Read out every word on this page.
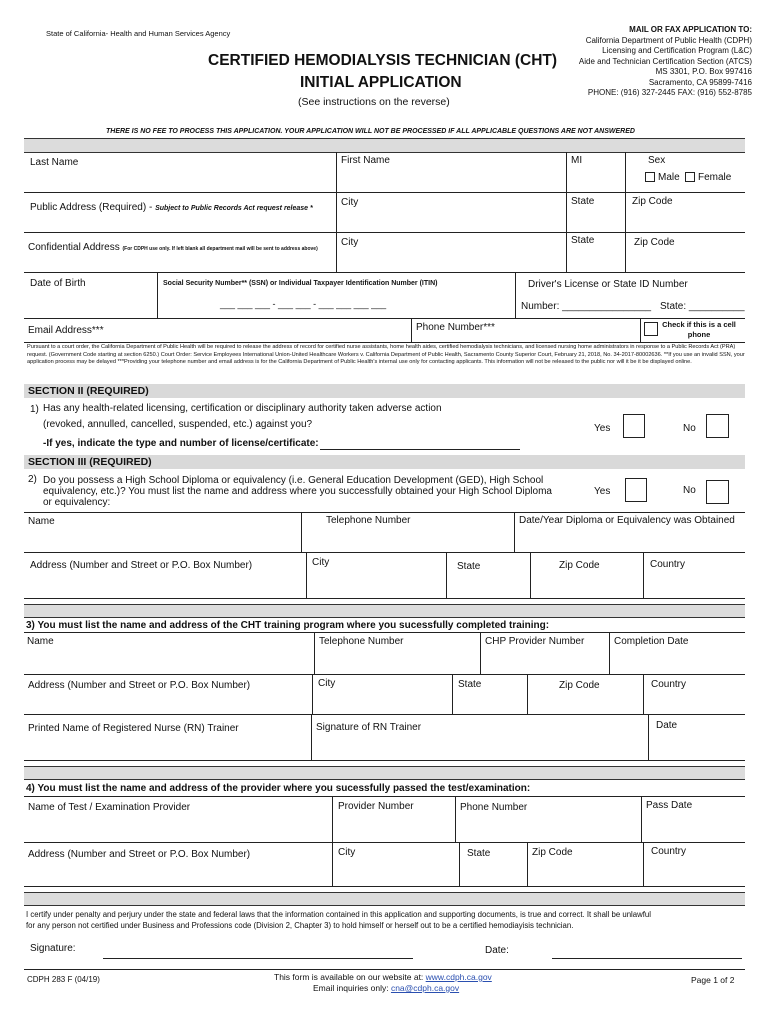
State of California- Health and Human Services Agency
CERTIFIED HEMODIALYSIS TECHNICIAN (CHT)
INITIAL APPLICATION
(See instructions on the reverse)
MAIL OR FAX APPLICATION TO:
California Department of Public Health (CDPH)
Licensing and Certification Program (L&C)
Aide and Technician Certification Section (ATCS)
MS 3301, P.O. Box 997416
Sacramento, CA 95899-7416
PHONE: (916) 327-2445 FAX: (916) 552-8785
THERE IS NO FEE TO PROCESS THIS APPLICATION. YOUR APPLICATION WILL NOT BE PROCESSED IF ALL APPLICABLE QUESTIONS ARE NOT ANSWERED
Last Name	First Name	MI	Sex
Male Female
Public Address (Required) - Subject to Public Records Act request release *
City	State	Zip Code
Confidential Address (For CDPH use only. If left blank all department mail will be sent to address above)
City	State	Zip Code
Date of Birth	Social Security Number** (SSN) or Individual Taxpayer Identification Number (ITIN)
___ ___ ___ - ___ ___ - ___ ___ ___ ___
Driver's License or State ID Number
Number: ________________ State: __________
Email Address***	Phone Number***	Check if this is a cell phone
Pursuant to a court order, the California Department of Public Health will be required to release the address of record for certified nurse assistants, home health aides, certified hemodialysis technicians, and licensed nursing home administrators in response to a Public Records Act (PRA) request. (Government Code starting at section 6250.) Court Order: Service Employees International Union-United Healthcare Workers v. California Department of Public Health, Sacramento County Superior Court, February 21, 2018, No. 34-2017-80002636. **If you use an invalid SSN, your application process may be delayed ***Providing your telephone number and email address is for the California Department of Public Health's internal use only for contacting applicants. This information will not be released to the public nor will it be it be displayed online.
SECTION II (REQUIRED)
1) Has any health-related licensing, certification or disciplinary authority taken adverse action
(revoked, annulled, cancelled, suspended, etc.) against you?
-If yes, indicate the type and number of license/certificate:
Yes	No
SECTION III (REQUIRED)
2) Do you possess a High School Diploma or equivalency (i.e. General Education Development (GED), High School
equivalency, etc.)? You must list the name and address where you successfully obtained your High School Diploma
or equivalency:
Yes	No
Name	Telephone Number	Date/Year Diploma or Equivalency was Obtained
Address (Number and Street or P.O. Box Number)	City	State	Zip Code	Country
3) You must list the name and address of the CHT training program where you sucessfully completed training:
Name	Telephone Number	CHP Provider Number	Completion Date
Address (Number and Street or P.O. Box Number)	City	State	Zip Code	Country
Printed Name of Registered Nurse (RN) Trainer	Signature of RN Trainer	Date
4) You must list the name and address of the provider where you sucessfully passed the test/examination:
Name of Test / Examination Provider	Provider Number	Phone Number	Pass Date
Address (Number and Street or P.O. Box Number)	City	State	Zip Code	Country
I certify under penalty and perjury under the state and federal laws that the information contained in this application and supporting documents, is true and correct. It shall be unlawful
for any person not certified under Business and Professions code (Division 2, Chapter 3) to hold himself or herself out to be a certified hemodiayisis technician.
Signature:	Date:
CDPH 283 F (04/19)	This form is available on our website at: www.cdph.ca.gov
Email inquiries only: cna@cdph.ca.gov
Page 1 of 2
